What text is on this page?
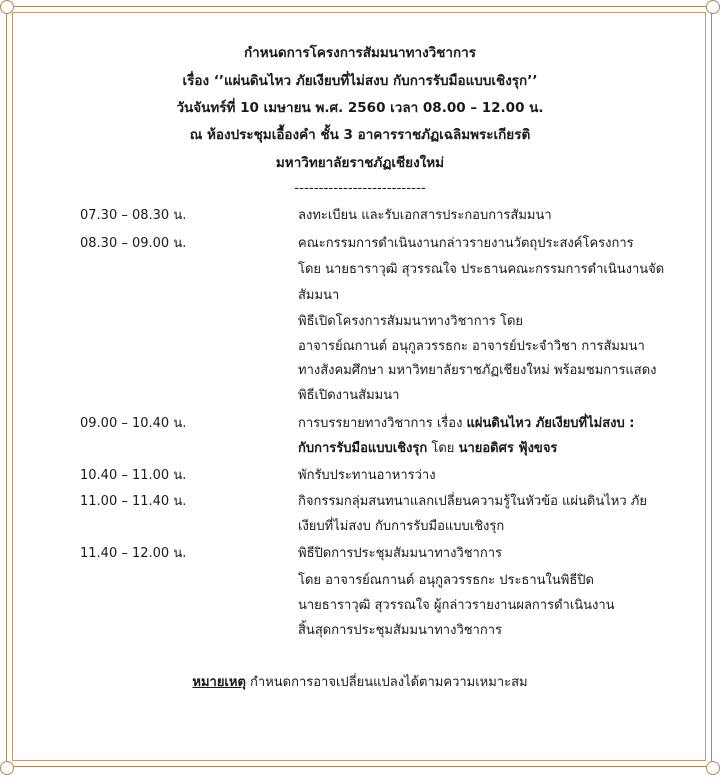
กำหนดการโครงการสัมมนาทางวิชาการ
เรื่อง ‘’แผ่นดินไหว ภัยเงียบที่ไม่สงบ กับการรับมือแบบเชิงรุก’’
วันจันทร์ที่ 10 เมษายน พ.ศ. 2560 เวลา 08.00 – 12.00 น.
ณ ห้องประชุมเอื้องคำ ชั้น 3 อาคารราชภัฏเฉลิมพระเกียรติ
มหาวิทยาลัยราชภัฏเชียงใหม่
---------------------------
07.30 – 08.30 น.	ลงทะเบียน และรับเอกสารประกอบการสัมมนา
08.30 – 09.00 น.	คณะกรรมการดำเนินงานกล่าวรายงานวัตถุประสงค์โครงการ
โดย นายธาราวุฒิ สุวรรณใจ ประธานคณะกรรมการดำเนินงานจัด
สัมมนา
พิธีเปิดโครงการสัมมนาทางวิชาการ โดย
อาจารย์ณกานต์ อนุกูลวรรธกะ อาจารย์ประจำวิชา การสัมมนา
ทางสังคมศึกษา มหาวิทยาลัยราชภัฏเชียงใหม่ พร้อมชมการแสดง
พิธีเปิดงานสัมมนา
09.00 – 10.40 น.	การบรรยายทางวิชาการ เรื่อง แผ่นดินไหว ภัยเงียบที่ไม่สงบ :
กับการรับมือแบบเชิงรุก โดย นายอดิศร ฟุ้งขจร
10.40 – 11.00 น.	พักรับประทานอาหารว่าง
11.00 – 11.40 น.	กิจกรรมกลุ่มสนทนาแลกเปลี่ยนความรู้ในหัวข้อ แผ่นดินไหว ภัย
เงียบที่ไม่สงบ กับการรับมือแบบเชิงรุก
11.40 – 12.00 น.	พิธีปิดการประชุมสัมมนาทางวิชาการ
โดย อาจารย์ณกานต์ อนุกูลวรรธกะ ประธานในพิธีปิด
นายธาราวุฒิ สุวรรณใจ ผู้กล่าวรายงานผลการดำเนินงาน
สิ้นสุดการประชุมสัมมนาทางวิชาการ
หมายเหตุ กำหนดการอาจเปลี่ยนแปลงได้ตามความเหมาะสม
